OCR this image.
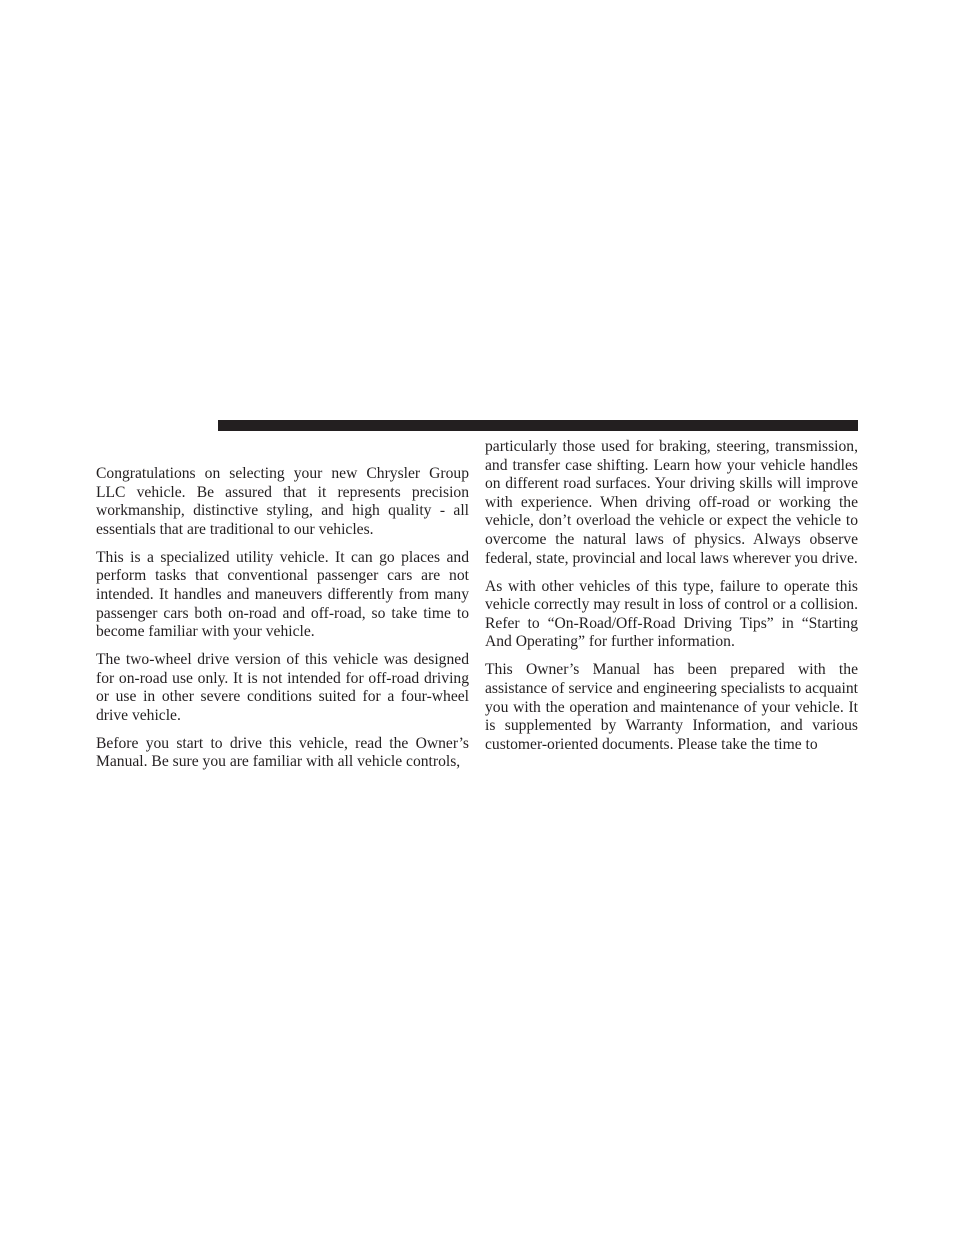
Congratulations on selecting your new Chrysler Group LLC vehicle. Be assured that it represents precision workmanship, distinctive styling, and high quality - all essentials that are traditional to our vehicles.

This is a specialized utility vehicle. It can go places and perform tasks that conventional passenger cars are not intended. It handles and maneuvers differently from many passenger cars both on-road and off-road, so take time to become familiar with your vehicle.

The two-wheel drive version of this vehicle was designed for on-road use only. It is not intended for off-road driving or use in other severe conditions suited for a four-wheel drive vehicle.

Before you start to drive this vehicle, read the Owner’s Manual. Be sure you are familiar with all vehicle controls,

particularly those used for braking, steering, transmission, and transfer case shifting. Learn how your vehicle handles on different road surfaces. Your driving skills will improve with experience. When driving off-road or working the vehicle, don’t overload the vehicle or expect the vehicle to overcome the natural laws of physics. Always observe federal, state, provincial and local laws wherever you drive.

As with other vehicles of this type, failure to operate this vehicle correctly may result in loss of control or a collision. Refer to “On-Road/Off-Road Driving Tips” in “Starting And Operating” for further information.

This Owner’s Manual has been prepared with the assistance of service and engineering specialists to acquaint you with the operation and maintenance of your vehicle. It is supplemented by Warranty Information, and various customer-oriented documents. Please take the time to
